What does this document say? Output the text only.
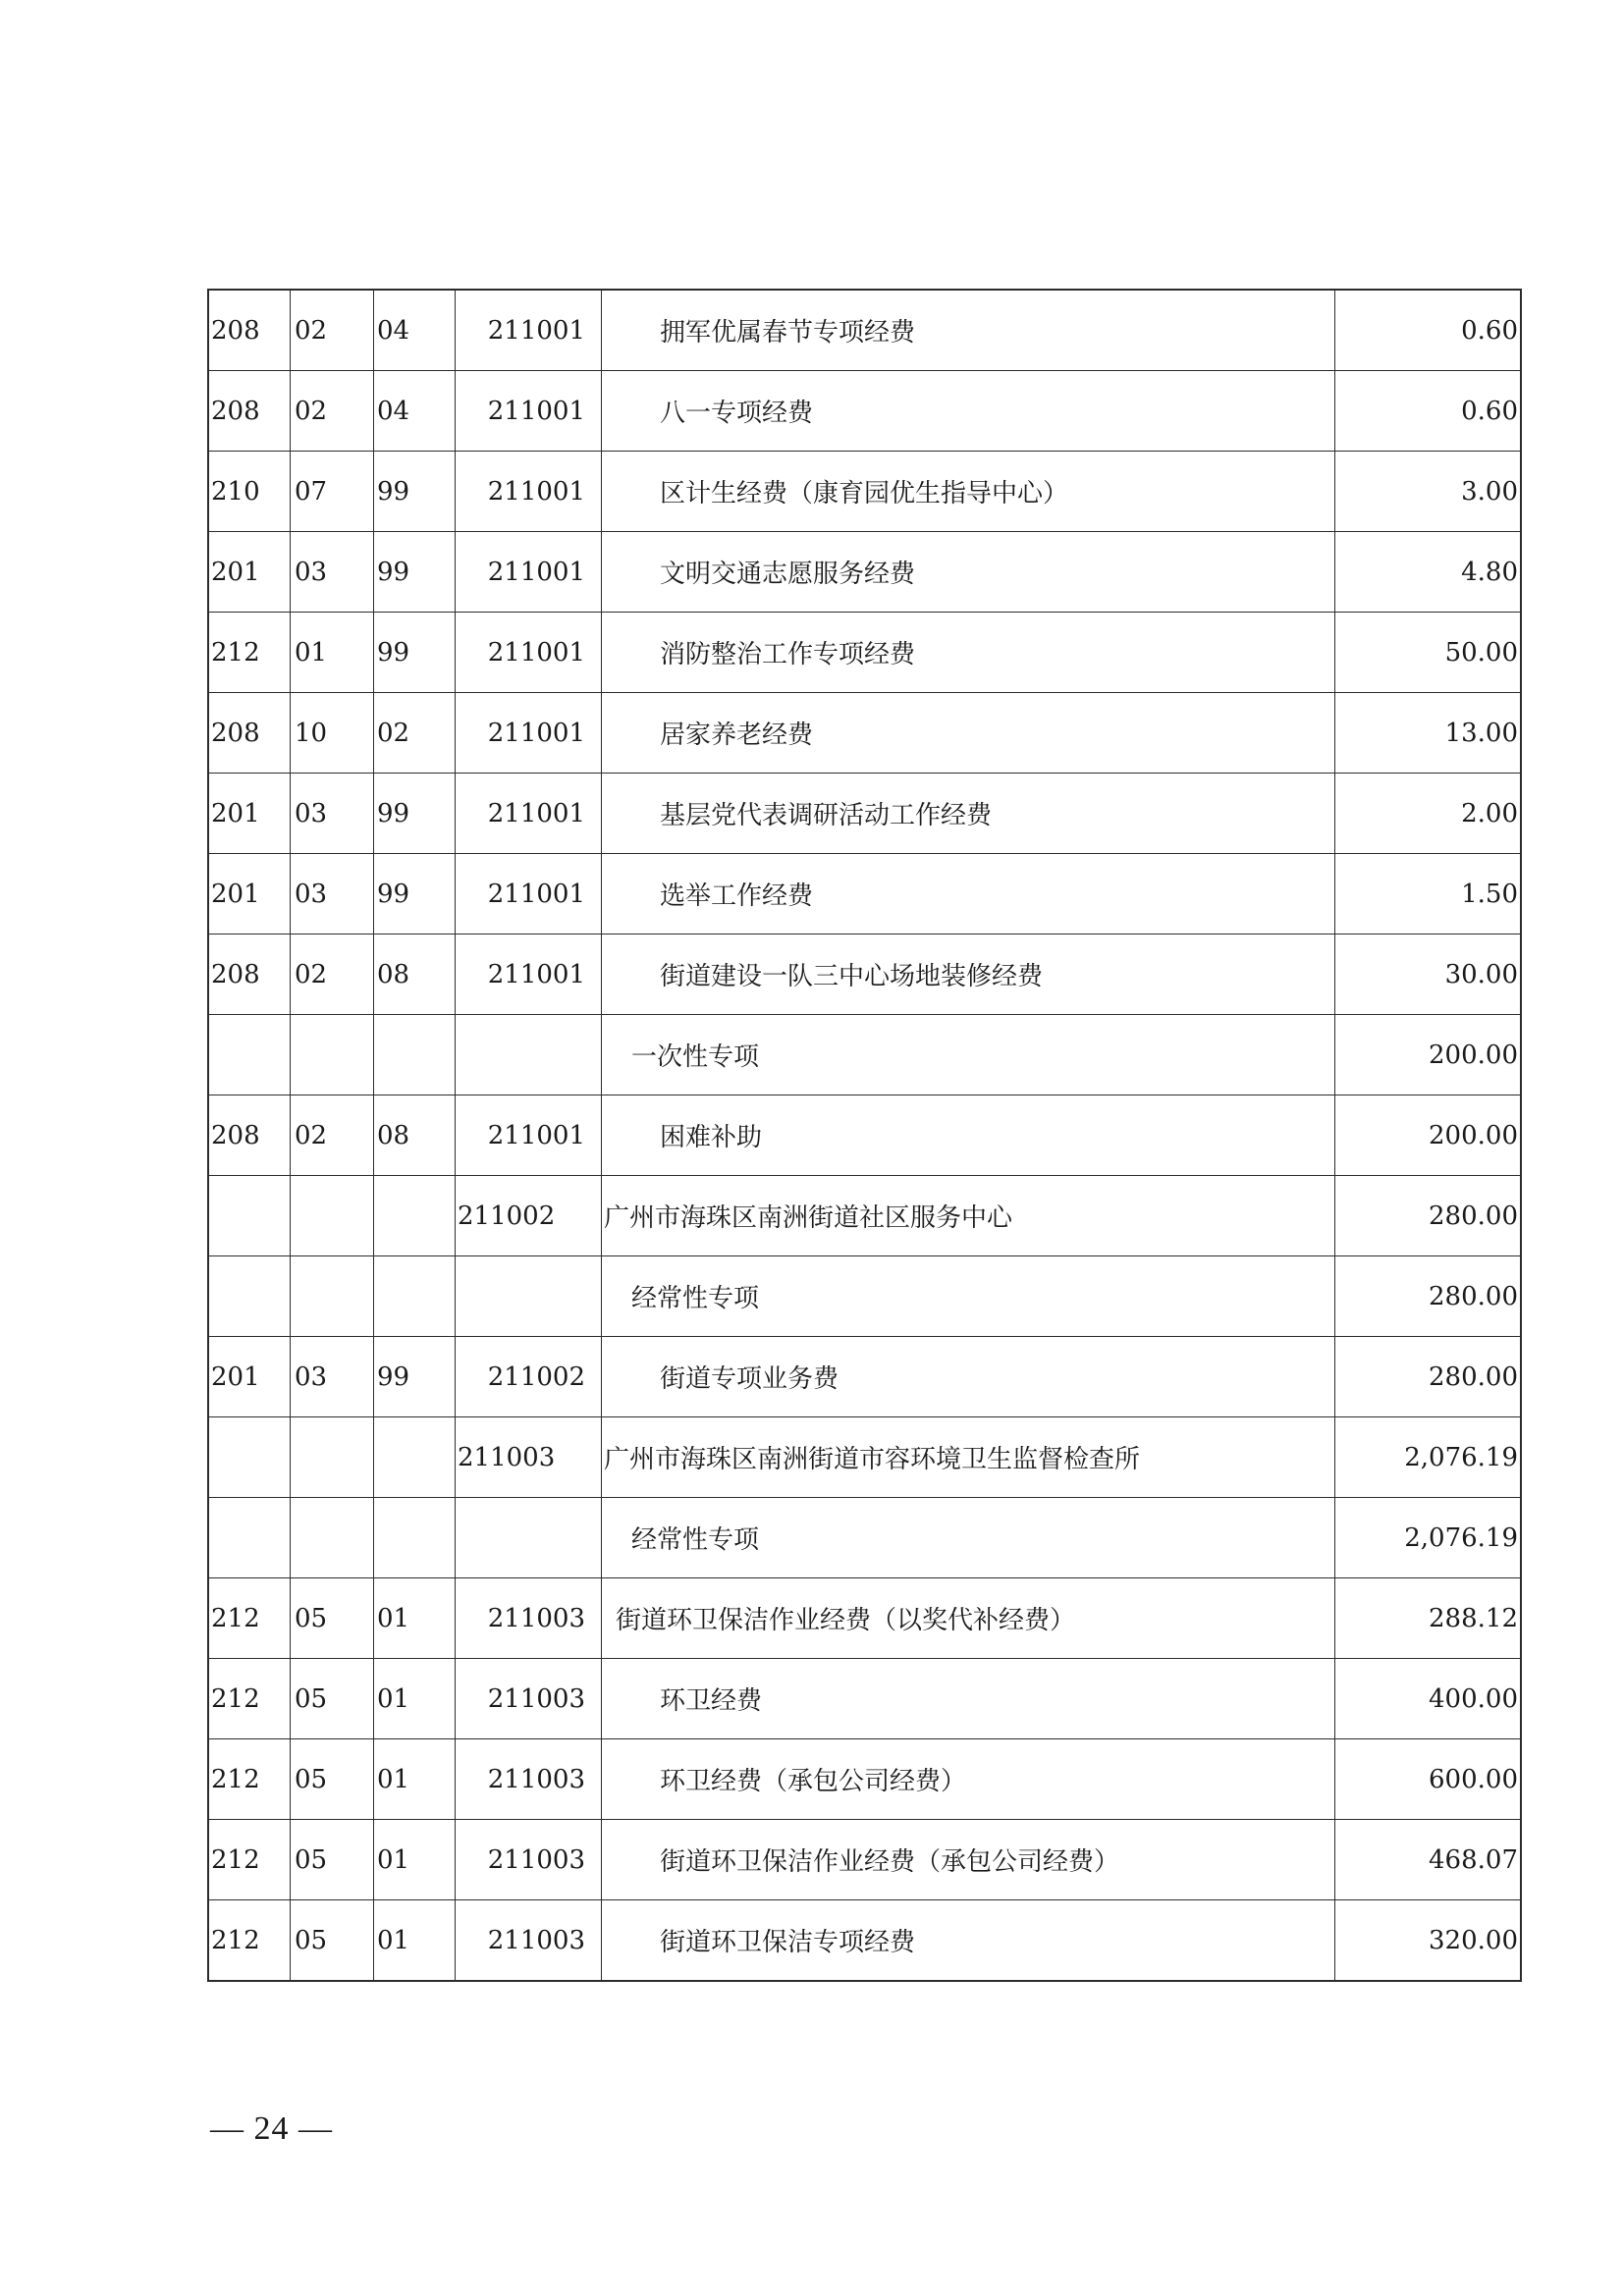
208	02	04	211001	拥军优属春节专项经费	0.60
208	02	04	211001	八一专项经费	0.60
210	07	99	211001	区计生经费（康育园优生指导中心）	3.00
201	03	99	211001	文明交通志愿服务经费	4.80
212	01	99	211001	消防整治工作专项经费	50.00
208	10	02	211001	居家养老经费	13.00
201	03	99	211001	基层党代表调研活动工作经费	2.00
201	03	99	211001	选举工作经费	1.50
208	02	08	211001	街道建设一队三中心场地装修经费	30.00
				一次性专项	200.00
208	02	08	211001	困难补助	200.00
			211002	广州市海珠区南洲街道社区服务中心	280.00
				经常性专项	280.00
201	03	99	211002	街道专项业务费	280.00
			211003	广州市海珠区南洲街道市容环境卫生监督检查所	2,076.19
				经常性专项	2,076.19
212	05	01	211003	街道环卫保洁作业经费（以奖代补经费）	288.12
212	05	01	211003	环卫经费	400.00
212	05	01	211003	环卫经费（承包公司经费）	600.00
212	05	01	211003	街道环卫保洁作业经费（承包公司经费）	468.07
212	05	01	211003	街道环卫保洁专项经费	320.00
— 24 —
